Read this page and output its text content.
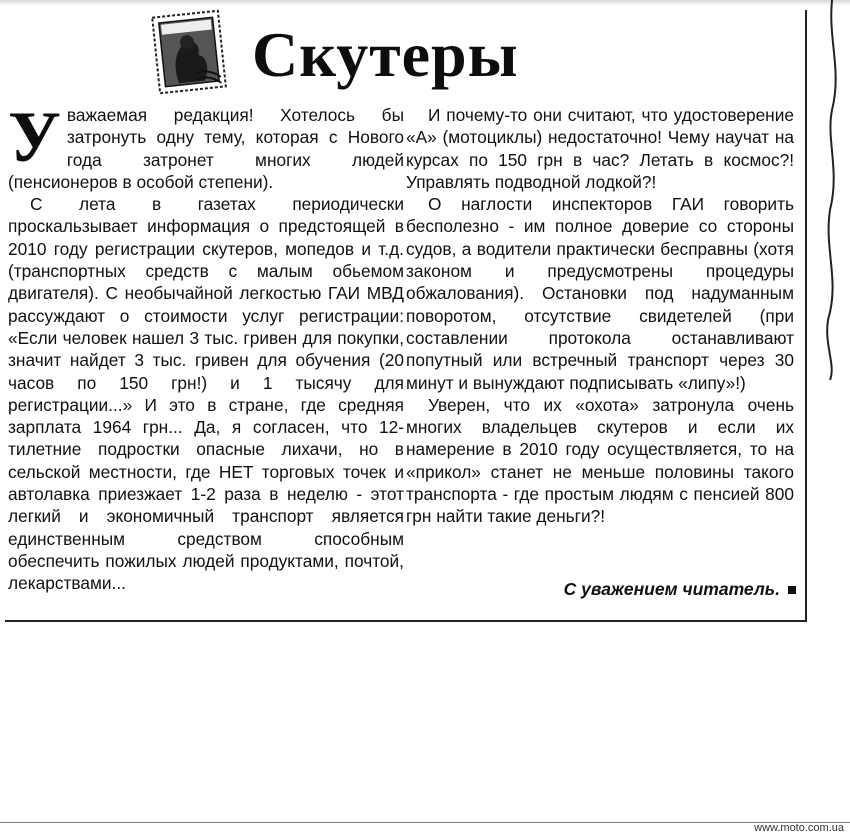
Скутеры
У важаемая редакция! Хотелось бы затронуть одну тему, которая с Нового года затронет многих людей (пенсионеров в особой степени).

С лета в газетах периодически проскальзывает информация о предстоящей в 2010 году регистрации скутеров, мопедов и т.д. (транспортных средств с малым обьемом двигателя). С необычайной легкостью ГАИ МВД рассуждают о стоимости услуг регистрации: «Если человек нашел 3 тыс. гривен для покупки, значит найдет 3 тыс. гривен для обучения (20 часов по 150 грн!) и 1 тысячу для регистрации...» И это в стране, где средняя зарплата 1964 грн... Да, я согласен, что 12-тилетние подростки опасные лихачи, но в сельской местности, где НЕТ торговых точек и автолавка приезжает 1-2 раза в неделю - этот легкий и экономичный транспорт является единственным средством способным обеспечить пожилых людей продуктами, почтой, лекарствами...

И почему-то они считают, что удостоверение «А» (мотоциклы) недостаточно! Чему научат на курсах по 150 грн в час? Летать в космос?! Управлять подводной лодкой?!

О наглости инспекторов ГАИ говорить бесполезно - им полное доверие со стороны судов, а водители практически бесправны (хотя законом и предусмотрены процедуры обжалования). Остановки под надуманным поворотом, отсутствие свидетелей (при составлении протокола останавливают попутный или встречный транспорт через 30 минут и вынуждают подписывать «липу»!)

Уверен, что их «охота» затронула очень многих владельцев скутеров и если их намерение в 2010 году осуществляется, то на «прикол» станет не меньше половины такого транспорта - где простым людям с пенсией 800 грн найти такие деньги?!

С уважением читатель.
www.moto.com.ua
